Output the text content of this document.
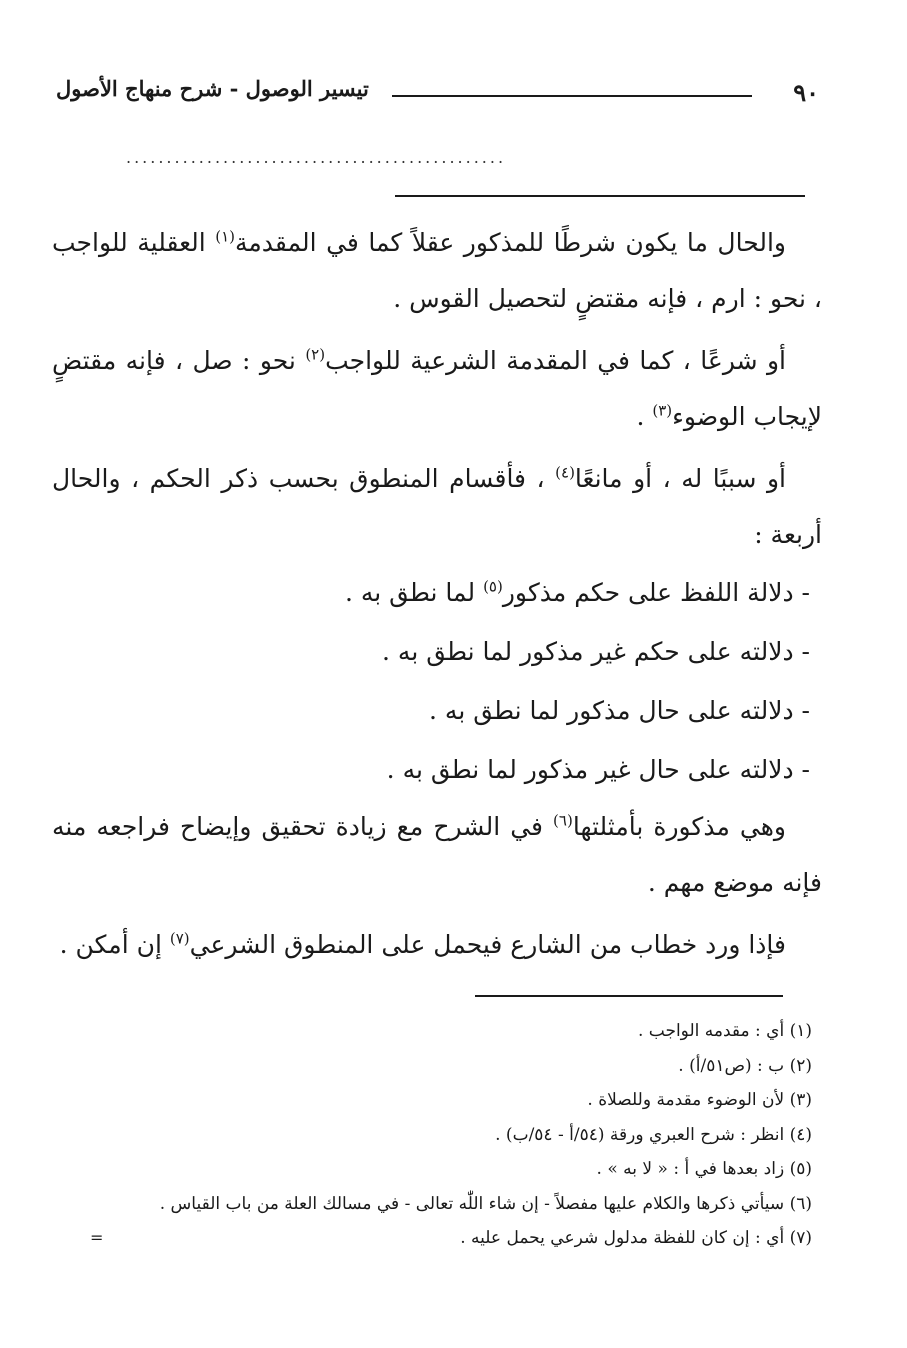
٩٠
تيسير الوصول - شرح منهاج الأصول
...............................................

والحال ما يكون شرطًا للمذكور عقلاً كما في المقدمة$^{(١)}$ العقلية للواجب ، نحو : ارم ، فإنه مقتضٍ لتحصيل القوس .

أو شرعًا ، كما في المقدمة الشرعية للواجب$^{(٢)}$ نحو : صل ، فإنه مقتضٍ لإيجاب الوضوء$^{(٣)}$ .

أو سببًا له ، أو مانعًا$^{(٤)}$ ، فأقسام المنطوق بحسب ذكر الحكم ، والحال أربعة :

- دلالة اللفظ على حكم مذكور$^{(٥)}$ لما نطق به .
- دلالته على حكم غير مذكور لما نطق به .
- دلالته على حال مذكور لما نطق به .
- دلالته على حال غير مذكور لما نطق به .

وهي مذكورة بأمثلتها$^{(٦)}$ في الشرح مع زيادة تحقيق وإيضاح فراجعه منه فإنه موضع مهم .

فإذا ورد خطاب من الشارع فيحمل على المنطوق الشرعي$^{(٧)}$ إن أمكن .

(١) أي : مقدمه الواجب .
(٢) ب : (ص٥١/أ) .
(٣) لأن الوضوء مقدمة وللصلاة .
(٤) انظر : شرح العبري ورقة (٥٤/أ - ٥٤/ب) .
(٥) زاد بعدها في أ : « لا به » .
(٦) سيأتي ذكرها والكلام عليها مفصلاً - إن شاء اللّٰه تعالى - في مسالك العلة من باب القياس .
(٧) أي : إن كان للفظة مدلول شرعي يحمل عليه .
=
